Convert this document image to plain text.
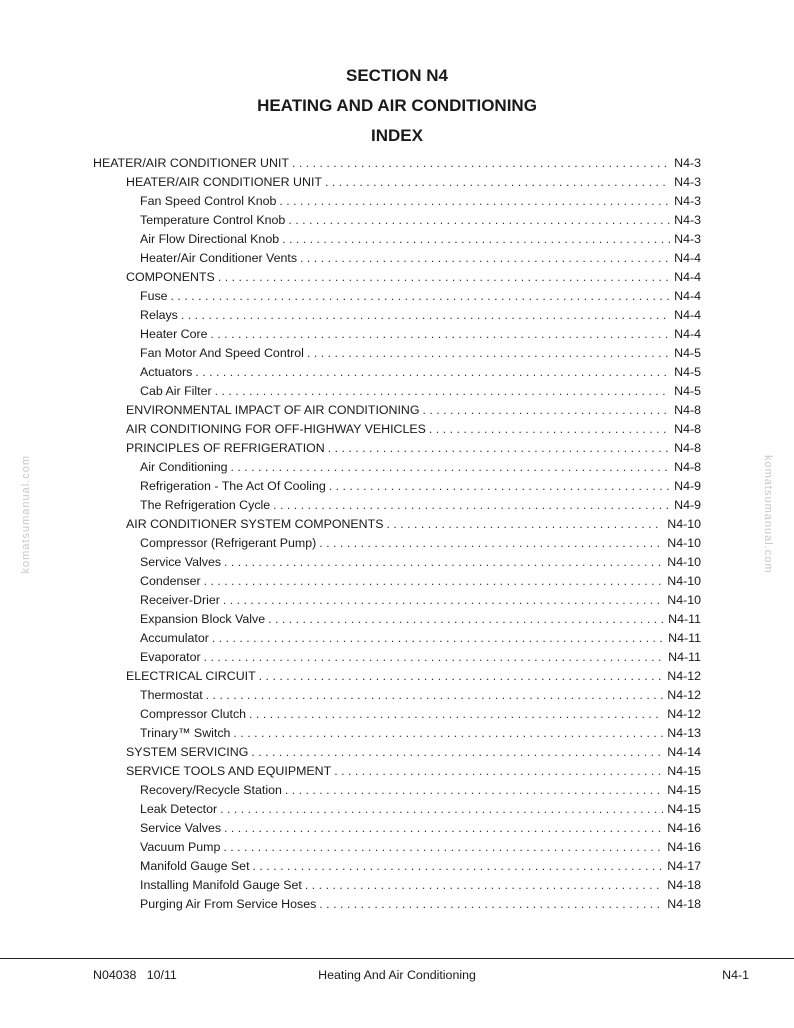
SECTION N4
HEATING AND AIR CONDITIONING
INDEX
HEATER/AIR CONDITIONER UNIT . . .	N4-3
HEATER/AIR CONDITIONER UNIT . . .	N4-3
Fan Speed Control Knob . . .	N4-3
Temperature Control Knob . . .	N4-3
Air Flow Directional Knob . . .	N4-3
Heater/Air Conditioner Vents . . .	N4-4
COMPONENTS . . .	N4-4
Fuse . . .	N4-4
Relays . . .	N4-4
Heater Core . . .	N4-4
Fan Motor And Speed Control . . .	N4-5
Actuators . . .	N4-5
Cab Air Filter . . .	N4-5
ENVIRONMENTAL IMPACT OF AIR CONDITIONING . . .	N4-8
AIR CONDITIONING FOR OFF-HIGHWAY VEHICLES . . .	N4-8
PRINCIPLES OF REFRIGERATION . . .	N4-8
Air Conditioning . . .	N4-8
Refrigeration - The Act Of Cooling . . .	N4-9
The Refrigeration Cycle . . .	N4-9
AIR CONDITIONER SYSTEM COMPONENTS . . .	N4-10
Compressor (Refrigerant Pump) . . .	N4-10
Service Valves . . .	N4-10
Condenser . . .	N4-10
Receiver-Drier . . .	N4-10
Expansion Block Valve . . .	N4-11
Accumulator . . .	N4-11
Evaporator . . .	N4-11
ELECTRICAL CIRCUIT . . .	N4-12
Thermostat . . .	N4-12
Compressor Clutch . . .	N4-12
Trinary™ Switch . . .	N4-13
SYSTEM SERVICING . . .	N4-14
SERVICE TOOLS AND EQUIPMENT . . .	N4-15
Recovery/Recycle Station . . .	N4-15
Leak Detector . . .	N4-15
Service Valves . . .	N4-16
Vacuum Pump . . .	N4-16
Manifold Gauge Set . . .	N4-17
Installing Manifold Gauge Set . . .	N4-18
Purging Air From Service Hoses . . .	N4-18
komatsumanual.com	komatsumanual.com
N04038   10/11	Heating And Air Conditioning	N4-1
